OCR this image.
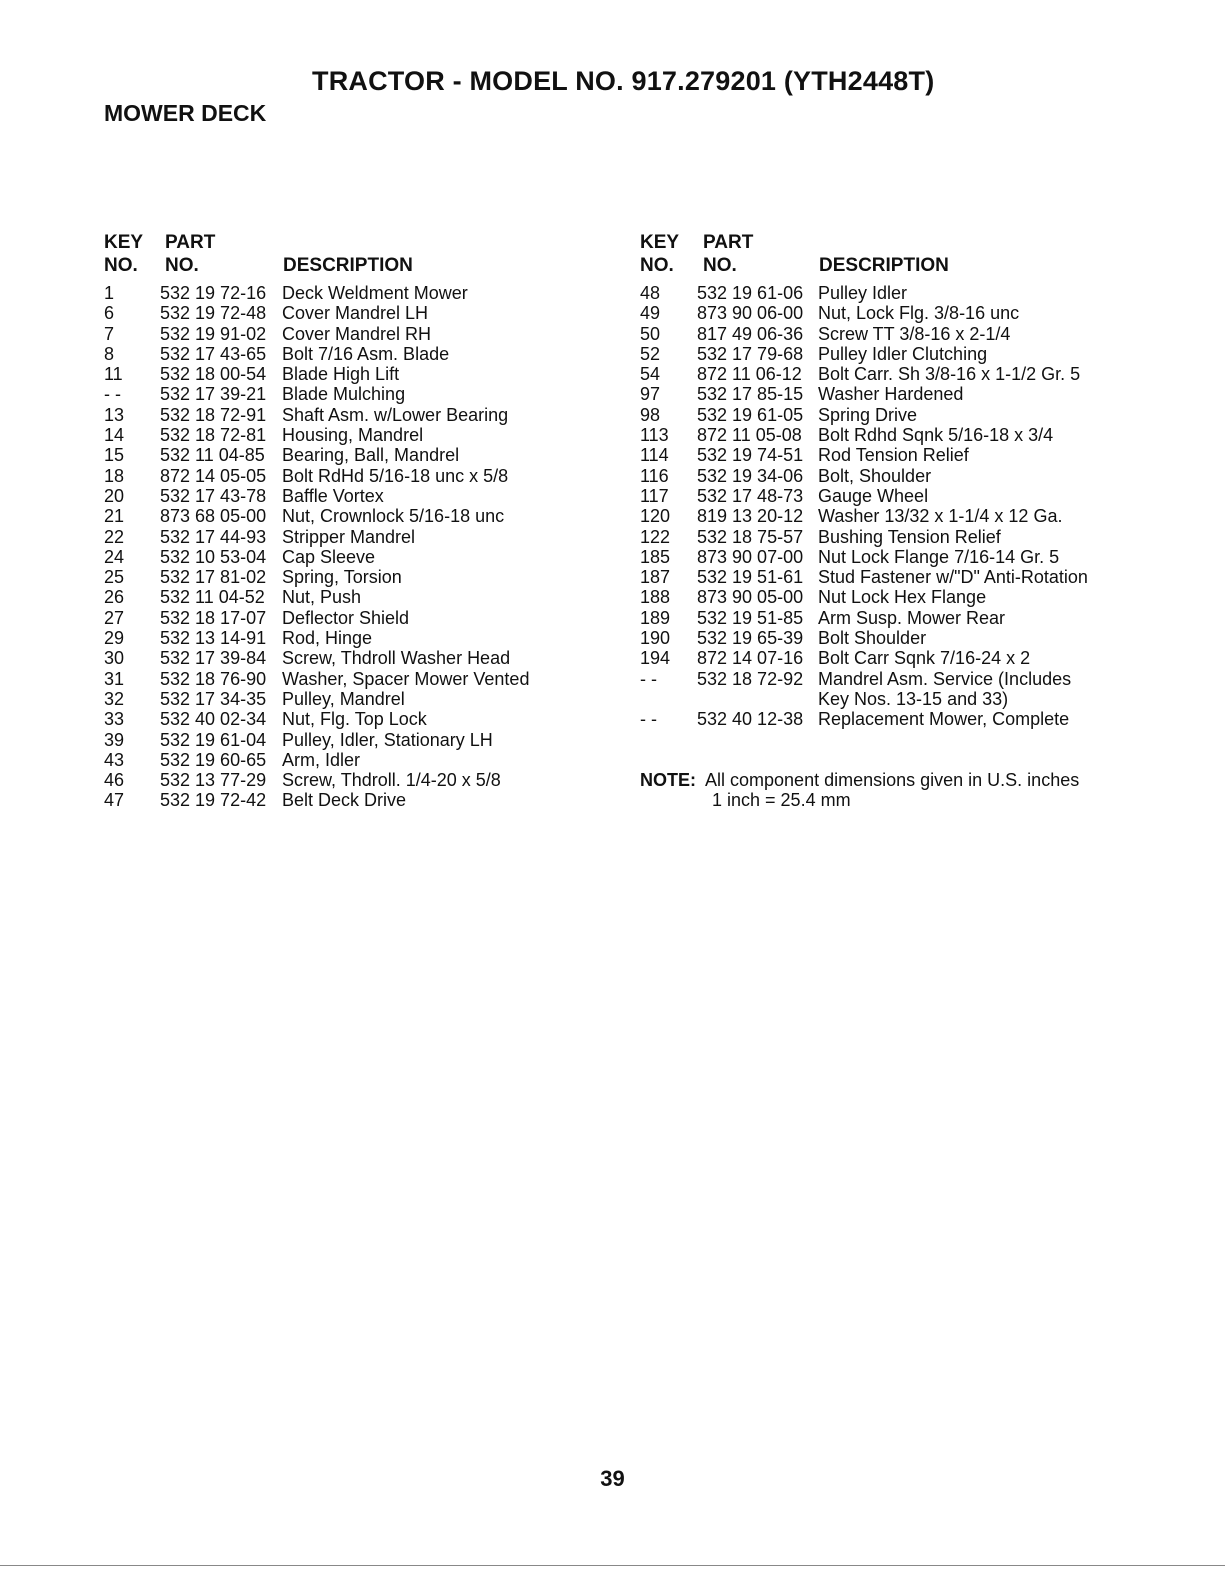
TRACTOR - MODEL NO. 917.279201 (YTH2448T)
MOWER DECK
KEY PART
NO. NO.	DESCRIPTION
1	532 19 72-16 Deck Weldment Mower
6	532 19 72-48 Cover Mandrel LH
7	532 19 91-02 Cover Mandrel RH
8	532 17 43-65 Bolt 7/16 Asm. Blade
11 532 18 00-54 Blade High Lift
- - 532 17 39-21 Blade Mulching
13 532 18 72-91 Shaft Asm. w/Lower Bearing
14 532 18 72-81 Housing, Mandrel
15 532 11 04-85 Bearing, Ball, Mandrel
18 872 14 05-05 Bolt RdHd 5/16-18 unc x 5/8
20 532 17 43-78 Baffle Vortex
21 873 68 05-00 Nut, Crownlock 5/16-18 unc
22 532 17 44-93 Stripper Mandrel
24 532 10 53-04 Cap Sleeve
25 532 17 81-02 Spring, Torsion
26 532 11 04-52 Nut, Push
27 532 18 17-07 Deflector Shield
29 532 13 14-91 Rod, Hinge
30 532 17 39-84 Screw, Thdroll Washer Head
31 532 18 76-90 Washer, Spacer Mower Vented
32 532 17 34-35 Pulley, Mandrel
33 532 40 02-34 Nut, Flg. Top Lock
39 532 19 61-04 Pulley, Idler, Stationary LH
43 532 19 60-65 Arm, Idler
46 532 13 77-29 Screw, Thdroll. 1/4-20 x 5/8
47 532 19 72-42 Belt Deck Drive
KEY PART
NO. NO.	DESCRIPTION
48 532 19 61-06 Pulley Idler
49 873 90 06-00 Nut, Lock Flg. 3/8-16 unc
50 817 49 06-36 Screw TT 3/8-16 x 2-1/4
52 532 17 79-68 Pulley Idler Clutching
54 872 11 06-12 Bolt Carr. Sh 3/8-16 x 1-1/2 Gr. 5
97 532 17 85-15 Washer Hardened
98 532 19 61-05 Spring Drive
113 872 11 05-08 Bolt Rdhd Sqnk 5/16-18 x 3/4
114 532 19 74-51 Rod Tension Relief
116 532 19 34-06 Bolt, Shoulder
117 532 17 48-73 Gauge Wheel
120 819 13 20-12 Washer 13/32 x 1-1/4 x 12 Ga.
122 532 18 75-57 Bushing Tension Relief
185 873 90 07-00 Nut Lock Flange 7/16-14 Gr. 5
187 532 19 51-61 Stud Fastener w/"D" Anti-Rotation
188 873 90 05-00 Nut Lock Hex Flange
189 532 19 51-85 Arm Susp. Mower Rear
190 532 19 65-39 Bolt Shoulder
194 872 14 07-16 Bolt Carr Sqnk 7/16-24 x 2
- - 532 18 72-92 Mandrel Asm. Service (Includes
Key Nos. 13-15 and 33)
- - 532 40 12-38 Replacement Mower, Complete
NOTE: All component dimensions given in U.S. inches
1 inch = 25.4 mm
39
